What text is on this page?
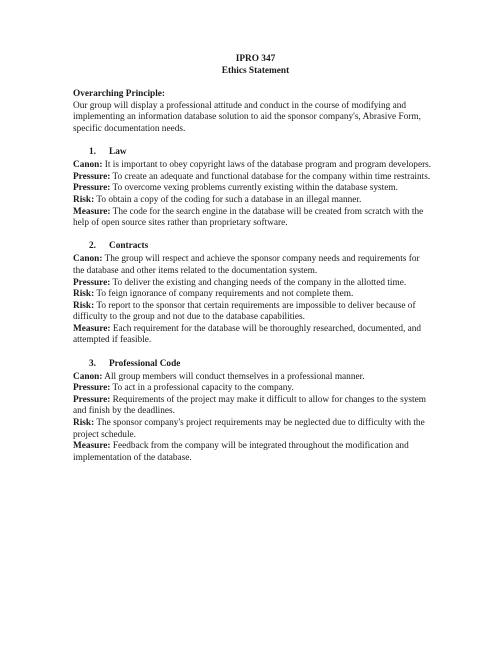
IPRO 347
Ethics Statement
Overarching Principle:

Our group will display a professional attitude and conduct in the course of modifying and implementing an information database solution to aid the sponsor company's, Abrasive Form, specific documentation needs.

1. Law

Canon: It is important to obey copyright laws of the database program and program developers.

Pressure: To create an adequate and functional database for the company within time restraints.

Pressure: To overcome vexing problems currently existing within the database system.

Risk: To obtain a copy of the coding for such a database in an illegal manner.

Measure: The code for the search engine in the database will be created from scratch with the help of open source sites rather than proprietary software.

2. Contracts

Canon: The group will respect and achieve the sponsor company needs and requirements for the database and other items related to the documentation system.

Pressure: To deliver the existing and changing needs of the company in the allotted time.

Risk: To feign ignorance of company requirements and not complete them.

Risk: To report to the sponsor that certain requirements are impossible to deliver because of difficulty to the group and not due to the database capabilities.

Measure: Each requirement for the database will be thoroughly researched, documented, and attempted if feasible.

3. Professional Code

Canon: All group members will conduct themselves in a professional manner.

Pressure: To act in a professional capacity to the company.

Pressure: Requirements of the project may make it difficult to allow for changes to the system and finish by the deadlines.

Risk: The sponsor company's project requirements may be neglected due to difficulty with the project schedule.

Measure: Feedback from the company will be integrated throughout the modification and implementation of the database.
